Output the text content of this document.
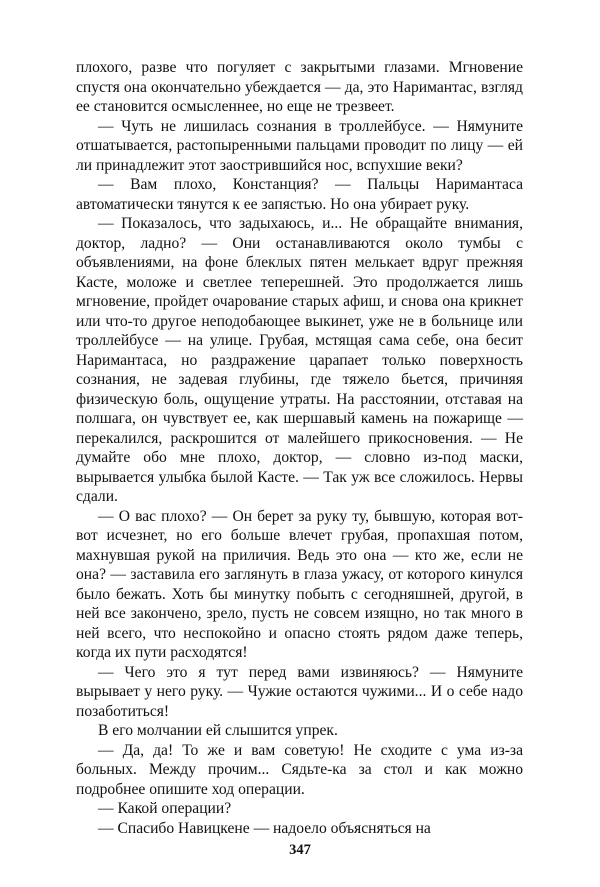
плохого, разве что погуляет с закрытыми глазами. Мгновение спустя она окончательно убеждается — да, это Наримантас, взгляд ее становится осмысленнее, но еще не трезвеет.

— Чуть не лишилась сознания в троллейбусе. — Нямуните отшатывается, растопыренными пальцами проводит по лицу — ей ли принадлежит этот заострившийся нос, вспухшие веки?

— Вам плохо, Констанция? — Пальцы Наримантаса автоматически тянутся к ее запястью. Но она убирает руку.

— Показалось, что задыхаюсь, и... Не обращайте внимания, доктор, ладно? — Они останавливаются около тумбы с объявлениями, на фоне блеклых пятен мелькает вдруг прежняя Касте, моложе и светлее теперешней. Это продолжается лишь мгновение, пройдет очарование старых афиш, и снова она крикнет или что-то другое неподобающее выкинет, уже не в больнице или троллейбусе — на улице. Грубая, мстящая сама себе, она бесит Наримантаса, но раздражение царапает только поверхность сознания, не задевая глубины, где тяжело бьется, причиняя физическую боль, ощущение утраты. На расстоянии, отставая на полшага, он чувствует ее, как шершавый камень на пожарище — перекалился, раскрошится от малейшего прикосновения. — Не думайте обо мне плохо, доктор, — словно из-под маски, вырывается улыбка былой Касте. — Так уж все сложилось. Нервы сдали.

— О вас плохо? — Он берет за руку ту, бывшую, которая вот-вот исчезнет, но его больше влечет грубая, пропахшая потом, махнувшая рукой на приличия. Ведь это она — кто же, если не она? — заставила его заглянуть в глаза ужасу, от которого кинулся было бежать. Хоть бы минутку побыть с сегодняшней, другой, в ней все закончено, зрело, пусть не совсем изящно, но так много в ней всего, что неспокойно и опасно стоять рядом даже теперь, когда их пути расходятся!

— Чего это я тут перед вами извиняюсь? — Нямуните вырывает у него руку. — Чужие остаются чужими... И о себе надо позаботиться!

В его молчании ей слышится упрек.

— Да, да! То же и вам советую! Не сходите с ума из-за больных. Между прочим... Сядьте-ка за стол и как можно подробнее опишите ход операции.

— Какой операции?

— Спасибо Навицкене — надоело объясняться на

347
